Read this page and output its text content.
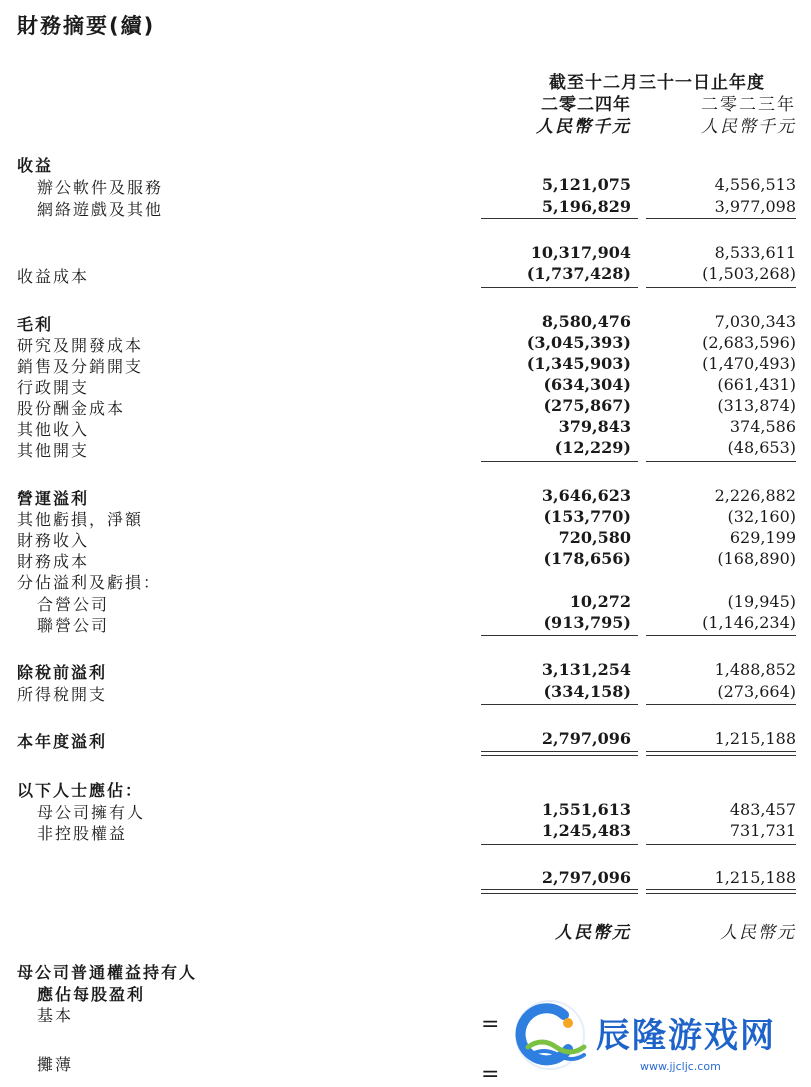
財務摘要(續)
截至十二月三十一日止年度
二零二四年	二零二三年
人民幣千元	人民幣千元
收益
辦公軟件及服務	5,121,075	4,556,513
網絡遊戲及其他	5,196,829	3,977,098
10,317,904	8,533,611
收益成本	(1,737,428)	(1,503,268)
毛利	8,580,476	7,030,343
研究及開發成本	(3,045,393)	(2,683,596)
銷售及分銷開支	(1,345,903)	(1,470,493)
行政開支	(634,304)	(661,431)
股份酬金成本	(275,867)	(313,874)
其他收入	379,843	374,586
其他開支	(12,229)	(48,653)
營運溢利	3,646,623	2,226,882
其他虧損，淨額	(153,770)	(32,160)
財務收入	720,580	629,199
財務成本	(178,656)	(168,890)
分佔溢利及虧損：
合營公司	10,272	(19,945)
聯營公司	(913,795)	(1,146,234)
除稅前溢利	3,131,254	1,488,852
所得稅開支	(334,158)	(273,664)
本年度溢利	2,797,096	1,215,188
以下人士應佔：
母公司擁有人	1,551,613	483,457
非控股權益	1,245,483	731,731
2,797,096	1,215,188
人民幣元	人民幣元
母公司普通權益持有人
應佔每股盈利
基本	=
攤薄	=
辰隆游戏网
www.jjcljc.com
